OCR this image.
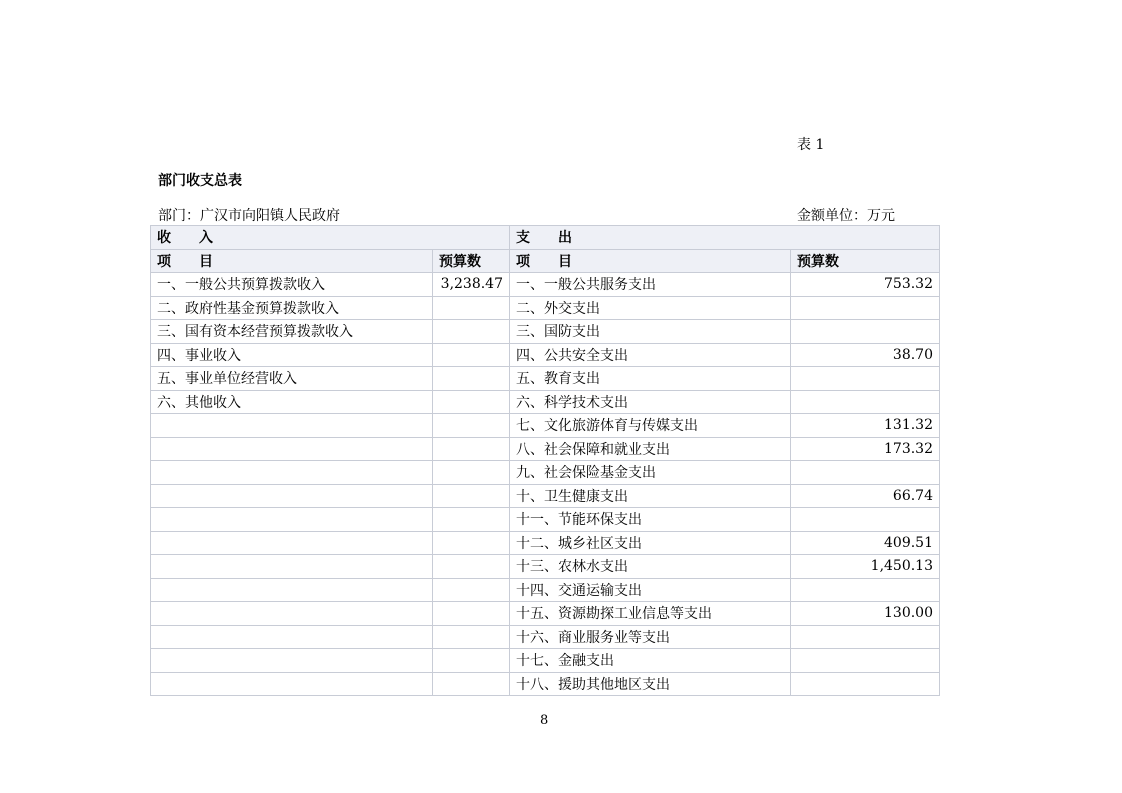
表 1
部门收支总表
部门：广汉市向阳镇人民政府	金额单位：万元
收　　入		支　　出	
项　　目	预算数	项　　目	预算数
一、一般公共预算拨款收入	3,238.47	一、一般公共服务支出	753.32
二、政府性基金预算拨款收入		二、外交支出	
三、国有资本经营预算拨款收入		三、国防支出	
四、事业收入		四、公共安全支出	38.70
五、事业单位经营收入		五、教育支出	
六、其他收入		六、科学技术支出	
		七、文化旅游体育与传媒支出	131.32
		八、社会保障和就业支出	173.32
		九、社会保险基金支出	
		十、卫生健康支出	66.74
		十一、节能环保支出	
		十二、城乡社区支出	409.51
		十三、农林水支出	1,450.13
		十四、交通运输支出	
		十五、资源勘探工业信息等支出	130.00
		十六、商业服务业等支出	
		十七、金融支出	
		十八、援助其他地区支出	
8
